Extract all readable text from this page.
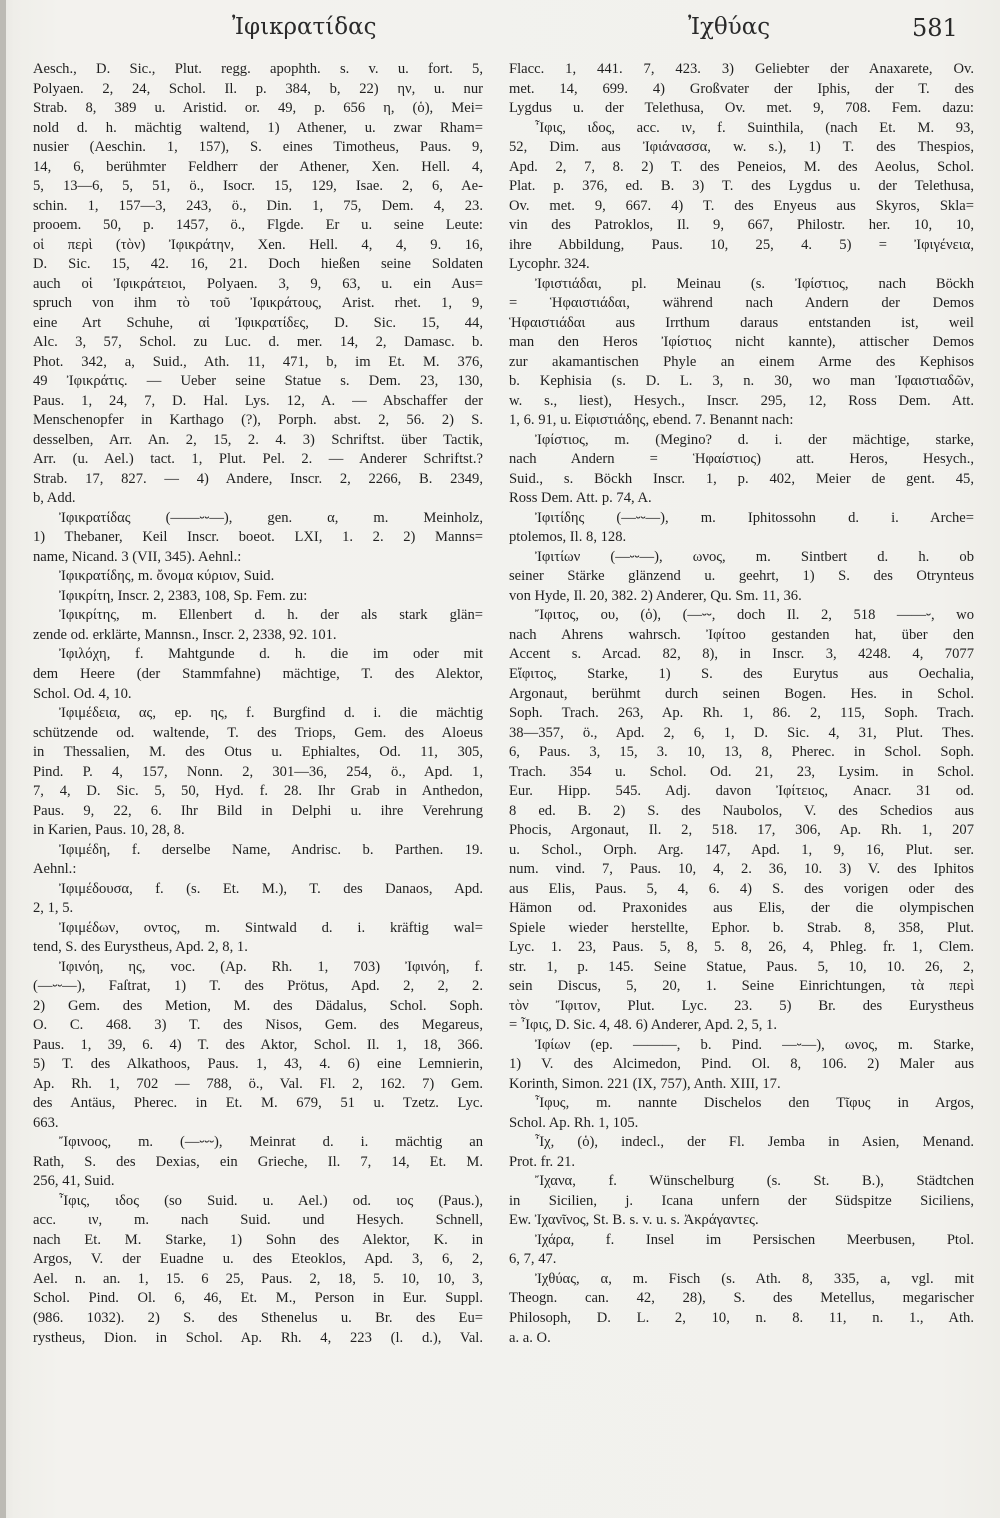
Ἰφικρατίδας	Ἰχθύας	581
Aesch., D. Sic., Plut. regg. apophth. s. v. u. fort. 5,
Polyaen. 2, 24, Schol. Il. p. 384, b, 22) ην, u. nur
Strab. 8, 389 u. Aristid. or. 49, p. 656 η, (ὁ), Mei=
nold d. h. mächtig waltend, 1) Athener, u. zwar Rham=
nusier (Aeschin. 1, 157), S. eines Timotheus, Paus. 9,
14, 6, berühmter Feldherr der Athener, Xen. Hell. 4,
5, 13—6, 5, 51, ö., Isocr. 15, 129, Isae. 2, 6, Ae-
schin. 1, 157—3, 243, ö., Din. 1, 75, Dem. 4, 23.
prooem. 50, p. 1457, ö., Flgde. Er u. seine Leute:
οἱ περὶ (τὸν) Ἰφικράτην, Xen. Hell. 4, 4, 9. 16,
D. Sic. 15, 42. 16, 21. Doch hießen seine Soldaten
auch οἱ Ἰφικράτειοι, Polyaen. 3, 9, 63, u. ein Aus=
spruch von ihm τὸ τοῦ Ἰφικράτους, Arist. rhet. 1, 9,
eine Art Schuhe, αἱ Ἰφικρατίδες, D. Sic. 15, 44,
Alc. 3, 57, Schol. zu Luc. d. mer. 14, 2, Damasc. b.
Phot. 342, a, Suid., Ath. 11, 471, b, im Et. M. 376,
49 Ἰφικράτις. — Ueber seine Statue s. Dem. 23, 130,
Paus. 1, 24, 7, D. Hal. Lys. 12, A. — Abschaffer der
Menschenopfer in Karthago (?), Porph. abst. 2, 56. 2) S.
desselben, Arr. An. 2, 15, 2. 4. 3) Schriftst. über Tactik,
Arr. (u. Ael.) tact. 1, Plut. Pel. 2. — Anderer Schriftst.?
Strab. 17, 827. — 4) Andere, Inscr. 2, 2266, B. 2349,
b, Add.
Ἰφικρατίδας (——⏑⏑—), gen. α, m. Meinholz,
1) Thebaner, Keil Inscr. boeot. LXI, 1. 2. 2) Manns=
name, Nicand. 3 (VII, 345). Aehnl.:
Ἰφικρατίδης, m. ὄνομα κύριον, Suid.
Ἰφικρίτη, Inscr. 2, 2383, 108, Sp. Fem. zu:
Ἰφικρίτης, m. Ellenbert d. h. der als stark glän=
zende od. erklärte, Mannsn., Inscr. 2, 2338, 92. 101.
Ἰφιλόχη, f. Mahtgunde d. h. die im oder mit
dem Heere (der Stammfahne) mächtige, T. des Alektor,
Schol. Od. 4, 10.
Ἰφιμέδεια, ας, ep. ης, f. Burgfind d. i. die mächtig
schützende od. waltende, T. des Triops, Gem. des Aloeus
in Thessalien, M. des Otus u. Ephialtes, Od. 11, 305,
Pind. P. 4, 157, Nonn. 2, 301—36, 254, ö., Apd. 1,
7, 4, D. Sic. 5, 50, Hyd. f. 28. Ihr Grab in Anthedon,
Paus. 9, 22, 6. Ihr Bild in Delphi u. ihre Verehrung
in Karien, Paus. 10, 28, 8.
Ἰφιμέδη, f. derselbe Name, Andrisc. b. Parthen. 19.
Aehnl.:
Ἰφιμέδουσα, f. (s. Et. M.), T. des Danaos, Apd.
2, 1, 5.
Ἰφιμέδων, οντος, m. Sintwald d. i. kräftig wal=
tend, S. des Eurystheus, Apd. 2, 8, 1.
Ἰφινόη, ης, voc. (Ap. Rh. 1, 703) Ἰφινόη, f.
(—⏑⏑—), Faſtrat, 1) T. des Prötus, Apd. 2, 2, 2.
2) Gem. des Metion, M. des Dädalus, Schol. Soph.
O. C. 468. 3) T. des Nisos, Gem. des Megareus,
Paus. 1, 39, 6. 4) T. des Aktor, Schol. Il. 1, 18, 366.
5) T. des Alkathoos, Paus. 1, 43, 4. 6) eine Lemnierin,
Ap. Rh. 1, 702 — 788, ö., Val. Fl. 2, 162. 7) Gem.
des Antäus, Pherec. in Et. M. 679, 51 u. Tzetz. Lyc.
663.
Ἴφινοος, m. (—⏑⏑⏑), Meinrat d. i. mächtig an
Rath, S. des Dexias, ein Grieche, Il. 7, 14, Et. M.
256, 41, Suid.
Ἶφις, ιδος (so Suid. u. Ael.) od. ιος (Paus.),
acc. ιν, m. nach Suid. und Hesych. Schnell,
nach Et. M. Starke, 1) Sohn des Alektor, K. in
Argos, V. der Euadne u. des Eteoklos, Apd. 3, 6, 2,
Ael. n. an. 1, 15. 6 25, Paus. 2, 18, 5. 10, 10, 3,
Schol. Pind. Ol. 6, 46, Et. M., Person in Eur. Suppl.
(986. 1032). 2) S. des Sthenelus u. Br. des Eu=
rystheus, Dion. in Schol. Ap. Rh. 4, 223 (l. d.), Val.
Flacc. 1, 441. 7, 423. 3) Geliebter der Anaxarete, Ov.
met. 14, 699. 4) Großvater der Iphis, der T. des
Lygdus u. der Telethusa, Ov. met. 9, 708. Fem. dazu:
Ἶφις, ιδος, acc. ιν, f. Suinthila, (nach Et. M. 93,
52, Dim. aus Ἰφιάνασσα, w. s.), 1) T. des Thespios,
Apd. 2, 7, 8. 2) T. des Peneios, M. des Aeolus, Schol.
Plat. p. 376, ed. B. 3) T. des Lygdus u. der Telethusa,
Ov. met. 9, 667. 4) T. des Enyeus aus Skyros, Skla=
vin des Patroklos, Il. 9, 667, Philostr. her. 10, 10,
ihre Abbildung, Paus. 10, 25, 4. 5) = Ἰφιγένεια,
Lycophr. 324.
Ἰφιστιάδαι, pl. Meinau (s. Ἰφίστιος, nach Böckh
= Ἡφαιστιάδαι, während nach Andern der Demos
Ἡφαιστιάδαι aus Irrthum daraus entstanden ist, weil
man den Heros Ἰφίστιος nicht kannte), attischer Demos
zur akamantischen Phyle an einem Arme des Kephisos
b. Kephisia (s. D. L. 3, n. 30, wo man Ἰφαιστιαδῶν,
w. s., liest), Hesych., Inscr. 295, 12, Ross Dem. Att.
1, 6. 91, u. Εἰφιστιάδης, ebend. 7. Benannt nach:
Ἰφίστιος, m. (Megino? d. i. der mächtige, starke,
nach Andern = Ἡφαίστιος) att. Heros, Hesych.,
Suid., s. Böckh Inscr. 1, p. 402, Meier de gent. 45,
Ross Dem. Att. p. 74, A.
Ἰφιτίδης (—⏑⏑—), m. Iphitossohn d. i. Arche=
ptolemos, Il. 8, 128.
Ἰφιτίων (—⏑⏑—), ωνος, m. Sintbert d. h. ob
seiner Stärke glänzend u. geehrt, 1) S. des Otrynteus
von Hyde, Il. 20, 382. 2) Anderer, Qu. Sm. 11, 36.
Ἴφιτος, ου, (ὁ), (—⏑⏑, doch Il. 2, 518 ——⏑, wo
nach Ahrens wahrsch. Ἰφίτοο gestanden hat, über den
Accent s. Arcad. 82, 8), in Inscr. 3, 4248. 4, 7077
Εἴφιτος, Starke, 1) S. des Eurytus aus Oechalia,
Argonaut, berühmt durch seinen Bogen. Hes. in Schol.
Soph. Trach. 263, Ap. Rh. 1, 86. 2, 115, Soph. Trach.
38—357, ö., Apd. 2, 6, 1, D. Sic. 4, 31, Plut. Thes.
6, Paus. 3, 15, 3. 10, 13, 8, Pherec. in Schol. Soph.
Trach. 354 u. Schol. Od. 21, 23, Lysim. in Schol.
Eur. Hipp. 545. Adj. davon Ἰφίτειος, Anacr. 31 od.
8 ed. B. 2) S. des Naubolos, V. des Schedios aus
Phocis, Argonaut, Il. 2, 518. 17, 306, Ap. Rh. 1, 207
u. Schol., Orph. Arg. 147, Apd. 1, 9, 16, Plut. ser.
num. vind. 7, Paus. 10, 4, 2. 36, 10. 3) V. des Iphitos
aus Elis, Paus. 5, 4, 6. 4) S. des vorigen oder des
Hämon od. Praxonides aus Elis, der die olympischen
Spiele wieder herstellte, Ephor. b. Strab. 8, 358, Plut.
Lyc. 1. 23, Paus. 5, 8, 5. 8, 26, 4, Phleg. fr. 1, Clem.
str. 1, p. 145. Seine Statue, Paus. 5, 10, 10. 26, 2,
sein Discus, 5, 20, 1. Seine Einrichtungen, τὰ περὶ
τὸν Ἴφιτον, Plut. Lyc. 23. 5) Br. des Eurystheus
= Ἶφις, D. Sic. 4, 48. 6) Anderer, Apd. 2, 5, 1.
Ἰφίων (ep. ———, b. Pind. —⏑—), ωνος, m. Starke,
1) V. des Alcimedon, Pind. Ol. 8, 106. 2) Maler aus
Korinth, Simon. 221 (IX, 757), Anth. XIII, 17.
Ἶφυς, m. nannte Dischelos den Τῖφυς in Argos,
Schol. Ap. Rh. 1, 105.
Ἶχ, (ὁ), indecl., der Fl. Jemba in Asien, Menand.
Prot. fr. 21.
Ἴχανα, f. Wünschelburg (s. St. B.), Städtchen
in Sicilien, j. Icana unfern der Südspitze Siciliens,
Ew. Ἰχανῖνος, St. B. s. v. u. s. Ἀκράγαντες.
Ἰχάρα, f. Insel im Persischen Meerbusen, Ptol.
6, 7, 47.
Ἰχθύας, α, m. Fisch (s. Ath. 8, 335, a, vgl. mit
Theogn. can. 42, 28), S. des Metellus, megarischer
Philosoph, D. L. 2, 10, n. 8. 11, n. 1., Ath.
a. a. O.
